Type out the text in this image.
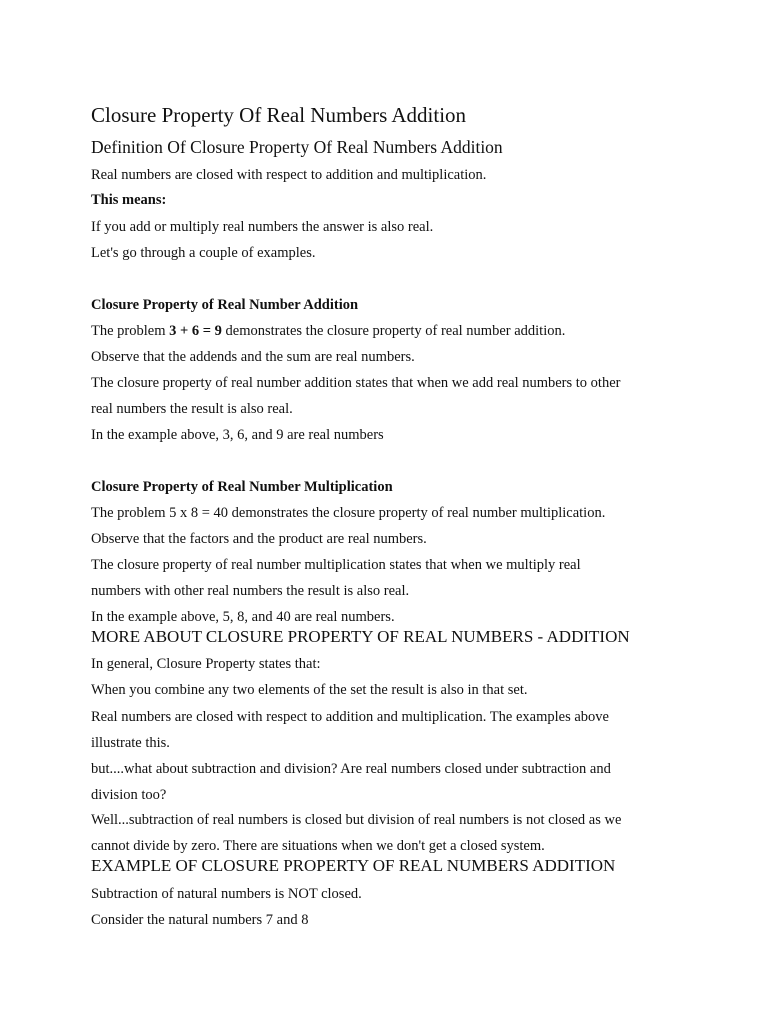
Closure Property Of Real Numbers Addition
Definition Of Closure Property Of Real Numbers Addition

Real numbers are closed with respect to addition and multiplication.

This means:

If you add or multiply real numbers the answer is also real.

Let's go through a couple of examples.

Closure Property of Real Number Addition

The problem 3 + 6 = 9 demonstrates the closure property of real number addition.

Observe that the addends and the sum are real numbers.

The closure property of real number addition states that when we add real numbers to other

real numbers the result is also real.

In the example above, 3, 6, and 9 are real numbers

Closure Property of Real Number Multiplication

The problem 5 x 8 = 40 demonstrates the closure property of real number multiplication.

Observe that the factors and the product are real numbers.

The closure property of real number multiplication states that when we multiply real

numbers with other real numbers the result is also real.

In the example above, 5, 8, and 40 are real numbers.

MORE ABOUT CLOSURE PROPERTY OF REAL NUMBERS - ADDITION

In general, Closure Property states that:

When you combine any two elements of the set the result is also in that set.

Real numbers are closed with respect to addition and multiplication. The examples above

illustrate this.

but....what about subtraction and division? Are real numbers closed under subtraction and

division too?

Well...subtraction of real numbers is closed but division of real numbers is not closed as we

cannot divide by zero. There are situations when we don't get a closed system.

EXAMPLE OF CLOSURE PROPERTY OF REAL NUMBERS ADDITION

Subtraction of natural numbers is NOT closed.

Consider the natural numbers 7 and 8
